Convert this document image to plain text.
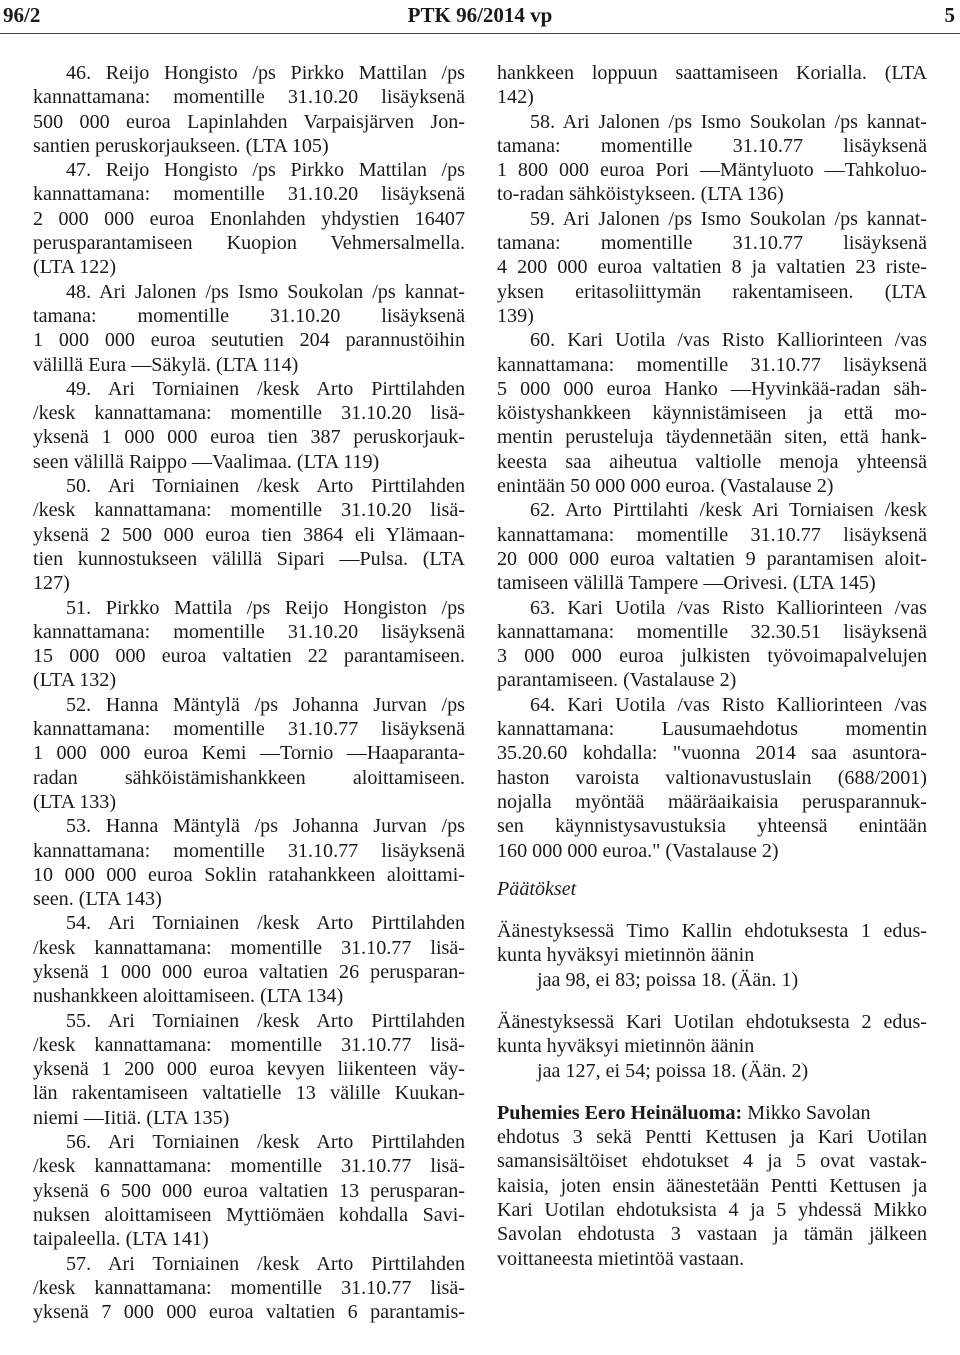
96/2	PTK 96/2014 vp	5
46. Reijo Hongisto /ps Pirkko Mattilan /ps
kannattamana: momentille 31.10.20 lisäyksenä
500 000 euroa Lapinlahden Varpaisjärven Jon-
santien peruskorjaukseen. (LTA 105)
47. Reijo Hongisto /ps Pirkko Mattilan /ps
kannattamana: momentille 31.10.20 lisäyksenä
2 000 000 euroa Enonlahden yhdystien 16407
perusparantamiseen Kuopion Vehmersalmella.
(LTA 122)
48. Ari Jalonen /ps Ismo Soukolan /ps kannat-
tamana: momentille 31.10.20 lisäyksenä
1 000 000 euroa seututien 204 parannustöihin
välillä Eura —Säkylä. (LTA 114)
49. Ari Torniainen /kesk Arto Pirttilahden
/kesk kannattamana: momentille 31.10.20 lisä-
yksenä 1 000 000 euroa tien 387 peruskorjauk-
seen välillä Raippo —Vaalimaa. (LTA 119)
50. Ari Torniainen /kesk Arto Pirttilahden
/kesk kannattamana: momentille 31.10.20 lisä-
yksenä 2 500 000 euroa tien 3864 eli Ylämaan-
tien kunnostukseen välillä Sipari —Pulsa. (LTA
127)
51. Pirkko Mattila /ps Reijo Hongiston /ps
kannattamana: momentille 31.10.20 lisäyksenä
15 000 000 euroa valtatien 22 parantamiseen.
(LTA 132)
52. Hanna Mäntylä /ps Johanna Jurvan /ps
kannattamana: momentille 31.10.77 lisäyksenä
1 000 000 euroa Kemi —Tornio —Haaparanta-
radan sähköistämishankkeen aloittamiseen.
(LTA 133)
53. Hanna Mäntylä /ps Johanna Jurvan /ps
kannattamana: momentille 31.10.77 lisäyksenä
10 000 000 euroa Soklin ratahankkeen aloittami-
seen. (LTA 143)
54. Ari Torniainen /kesk Arto Pirttilahden
/kesk kannattamana: momentille 31.10.77 lisä-
yksenä 1 000 000 euroa valtatien 26 perusparan-
nushankkeen aloittamiseen. (LTA 134)
55. Ari Torniainen /kesk Arto Pirttilahden
/kesk kannattamana: momentille 31.10.77 lisä-
yksenä 1 200 000 euroa kevyen liikenteen väy-
län rakentamiseen valtatielle 13 välille Kuukan-
niemi —Iitiä. (LTA 135)
56. Ari Torniainen /kesk Arto Pirttilahden
/kesk kannattamana: momentille 31.10.77 lisä-
yksenä 6 500 000 euroa valtatien 13 perusparan-
nuksen aloittamiseen Myttiömäen kohdalla Savi-
taipaleella. (LTA 141)
57. Ari Torniainen /kesk Arto Pirttilahden
/kesk kannattamana: momentille 31.10.77 lisä-
yksenä 7 000 000 euroa valtatien 6 parantamis-
hankkeen loppuun saattamiseen Korialla. (LTA
142)
58. Ari Jalonen /ps Ismo Soukolan /ps kannat-
tamana: momentille 31.10.77 lisäyksenä
1 800 000 euroa Pori —Mäntyluoto —Tahkoluo-
to-radan sähköistykseen. (LTA 136)
59. Ari Jalonen /ps Ismo Soukolan /ps kannat-
tamana: momentille 31.10.77 lisäyksenä
4 200 000 euroa valtatien 8 ja valtatien 23 riste-
yksen eritasoliittymän rakentamiseen. (LTA
139)
60. Kari Uotila /vas Risto Kalliorinteen /vas
kannattamana: momentille 31.10.77 lisäyksenä
5 000 000 euroa Hanko —Hyvinkää-radan säh-
köistyshankkeen käynnistämiseen ja että mo-
mentin perusteluja täydennetään siten, että hank-
keesta saa aiheutua valtiolle menoja yhteensä
enintään 50 000 000 euroa. (Vastalause 2)
62. Arto Pirttilahti /kesk Ari Torniaisen /kesk
kannattamana: momentille 31.10.77 lisäyksenä
20 000 000 euroa valtatien 9 parantamisen aloit-
tamiseen välillä Tampere —Orivesi. (LTA 145)
63. Kari Uotila /vas Risto Kalliorinteen /vas
kannattamana: momentille 32.30.51 lisäyksenä
3 000 000 euroa julkisten työvoimapalvelujen
parantamiseen. (Vastalause 2)
64. Kari Uotila /vas Risto Kalliorinteen /vas
kannattamana: Lausumaehdotus momentin
35.20.60 kohdalla: "vuonna 2014 saa asuntora-
haston varoista valtionavustuslain (688/2001)
nojalla myöntää määräaikaisia perusparannuk-
sen käynnistysavustuksia yhteensä enintään
160 000 000 euroa." (Vastalause 2)
Päätökset
Äänestyksessä Timo Kallin ehdotuksesta 1 edus-
kunta hyväksyi mietinnön äänin
jaa 98, ei 83; poissa 18. (Ään. 1)
Äänestyksessä Kari Uotilan ehdotuksesta 2 edus-
kunta hyväksyi mietinnön äänin
jaa 127, ei 54; poissa 18. (Ään. 2)
Puhemies Eero Heinäluoma: Mikko Savolan
ehdotus 3 sekä Pentti Kettusen ja Kari Uotilan
samansisältöiset ehdotukset 4 ja 5 ovat vastak-
kaisia, joten ensin äänestetään Pentti Kettusen ja
Kari Uotilan ehdotuksista 4 ja 5 yhdessä Mikko
Savolan ehdotusta 3 vastaan ja tämän jälkeen
voittaneesta mietintöä vastaan.
